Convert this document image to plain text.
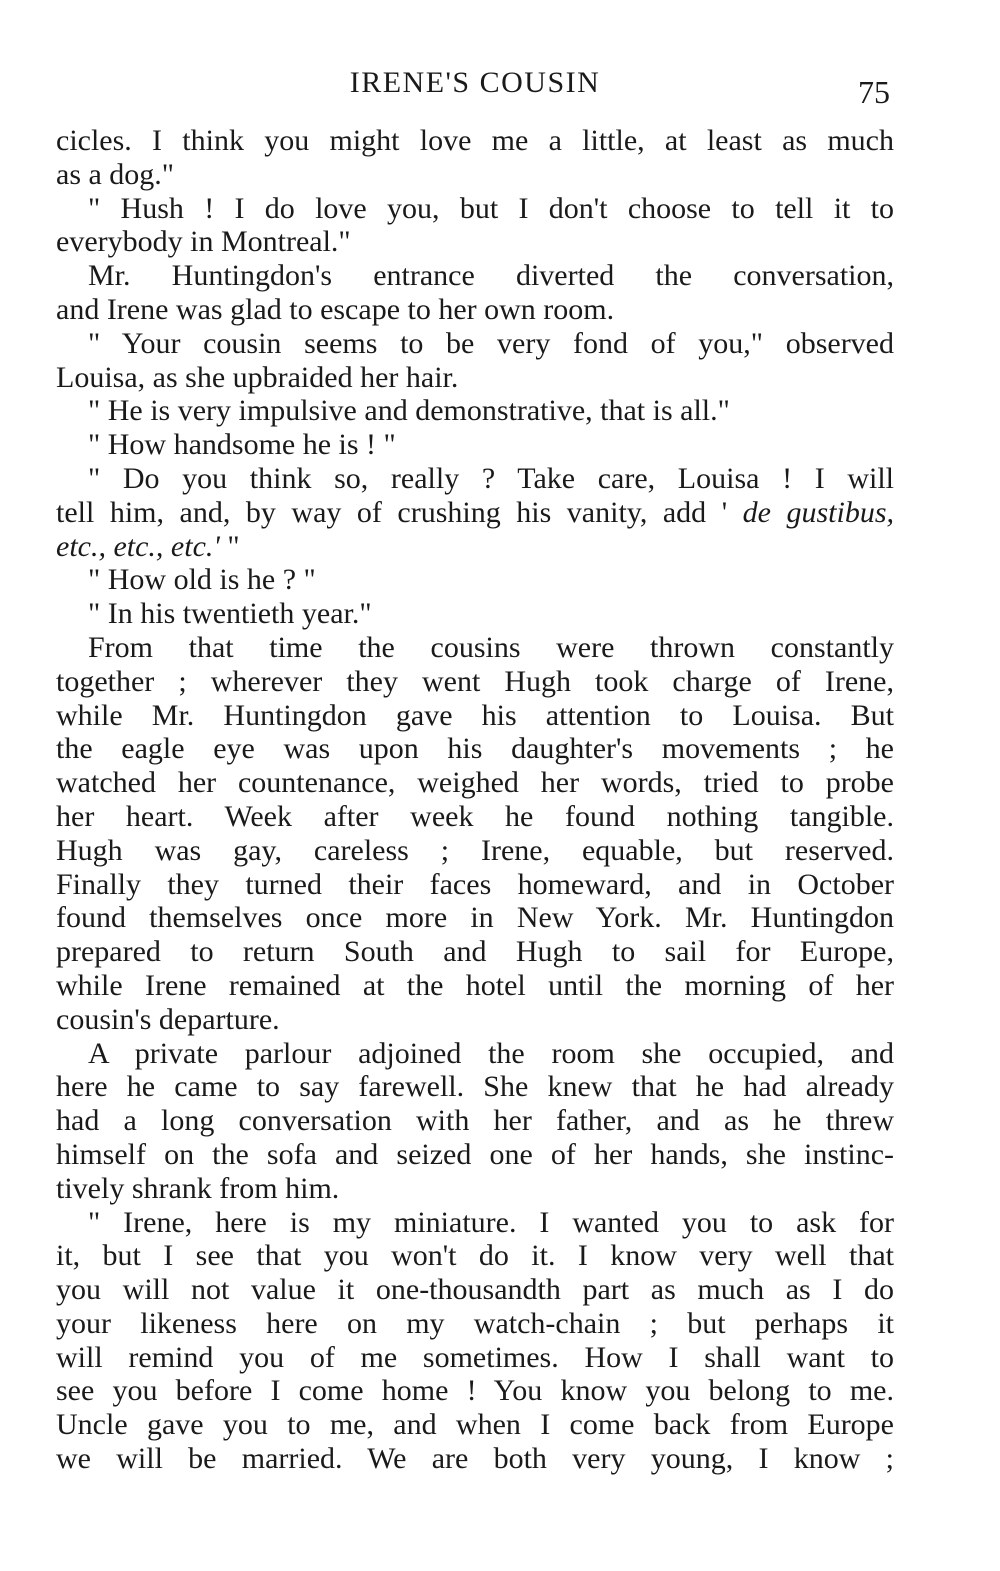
IRENE'S COUSIN	75
cicles. I think you might love me a little, at least as much
as a dog."
" Hush ! I do love you, but I don't choose to tell it to
everybody in Montreal."
Mr. Huntingdon's entrance diverted the conversation,
and Irene was glad to escape to her own room.
" Your cousin seems to be very fond of you," observed
Louisa, as she upbraided her hair.
" He is very impulsive and demonstrative, that is all."
" How handsome he is ! "
" Do you think so, really ? Take care, Louisa ! I will
tell him, and, by way of crushing his vanity, add ' de gustibus,
etc., etc., etc.' "
" How old is he ? "
" In his twentieth year."
From that time the cousins were thrown constantly
together ; wherever they went Hugh took charge of Irene,
while Mr. Huntingdon gave his attention to Louisa. But
the eagle eye was upon his daughter's movements ; he
watched her countenance, weighed her words, tried to probe
her heart. Week after week he found nothing tangible.
Hugh was gay, careless ; Irene, equable, but reserved.
Finally they turned their faces homeward, and in October
found themselves once more in New York. Mr. Huntingdon
prepared to return South and Hugh to sail for Europe,
while Irene remained at the hotel until the morning of her
cousin's departure.
A private parlour adjoined the room she occupied, and
here he came to say farewell. She knew that he had already
had a long conversation with her father, and as he threw
himself on the sofa and seized one of her hands, she instinc-
tively shrank from him.
" Irene, here is my miniature. I wanted you to ask for
it, but I see that you won't do it. I know very well that
you will not value it one-thousandth part as much as I do
your likeness here on my watch-chain ; but perhaps it
will remind you of me sometimes. How I shall want to
see you before I come home ! You know you belong to me.
Uncle gave you to me, and when I come back from Europe
we will be married. We are both very young, I know ;
